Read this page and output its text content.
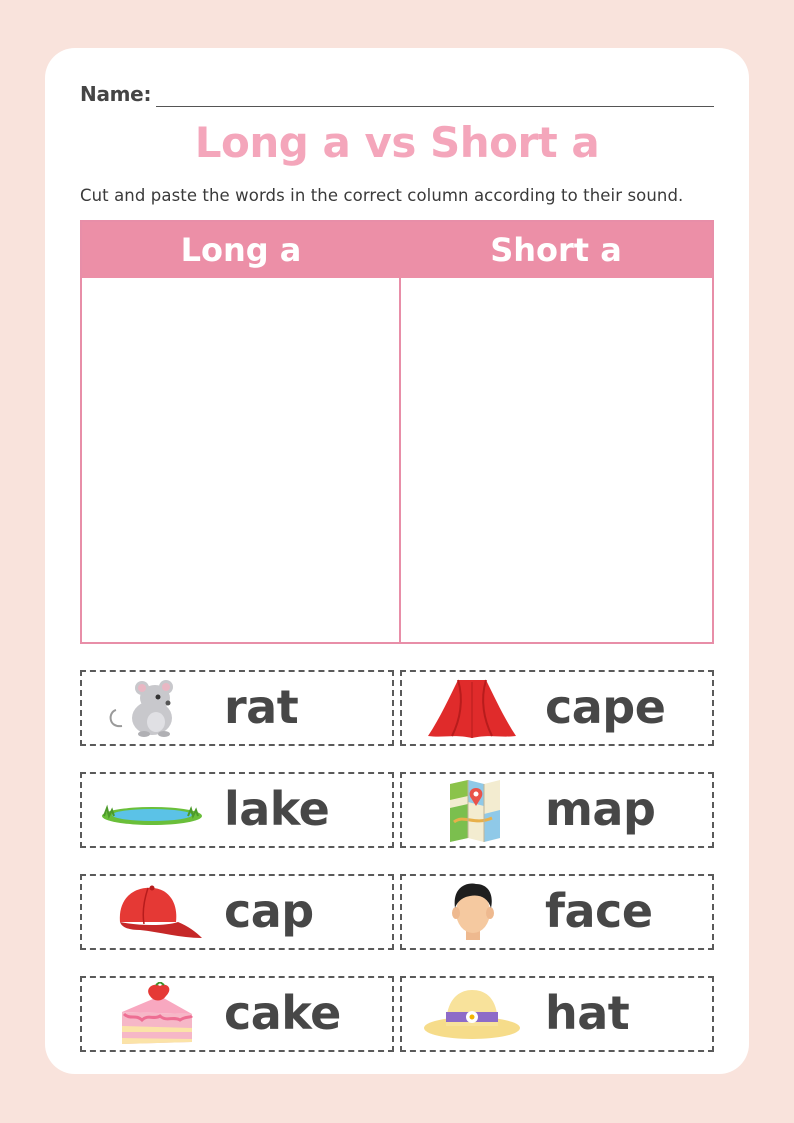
Name:
Long a vs Short a
Cut and paste the words in the correct column according to their sound.
Long a	Short a
rat	cape
lake	map
cap	face
cake	hat
